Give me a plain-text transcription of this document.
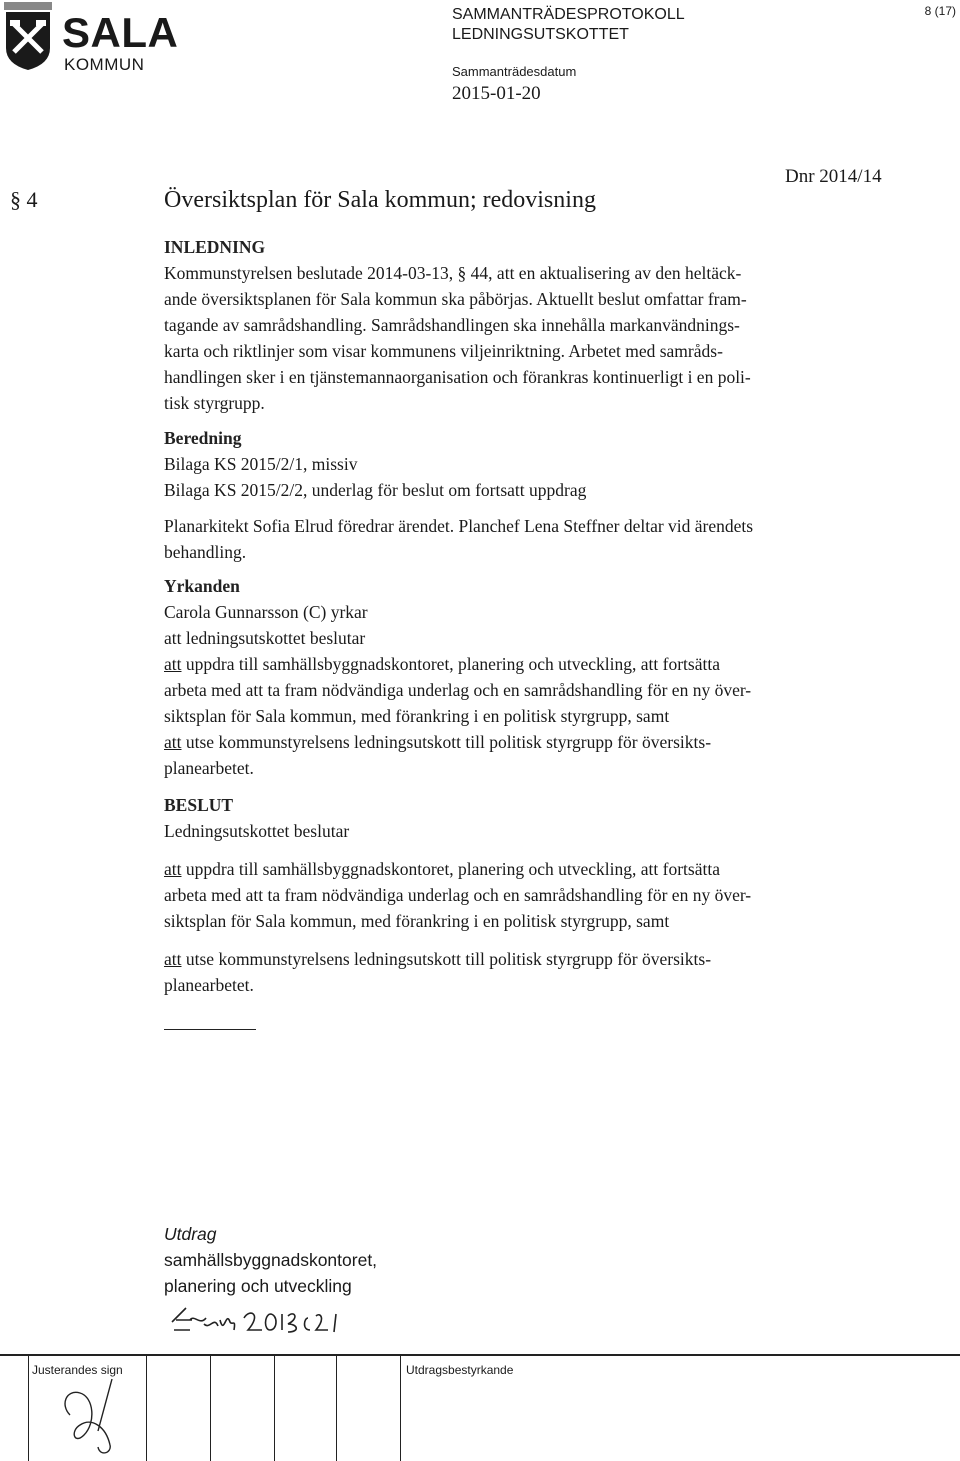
SALA
KOMMUN
SAMMANTRÄDESPROTOKOLL
LEDNINGSUTSKOTTET
Sammanträdesdatum
2015-01-20
8 (17)
Dnr 2014/14
§ 4	Översiktsplan för Sala kommun; redovisning

INLEDNING

Kommunstyrelsen beslutade 2014-03-13, § 44, att en aktualisering av den heltäck-

ande översiktsplanen för Sala kommun ska påbörjas. Aktuellt beslut omfattar fram-

tagande av samrådshandling. Samrådshandlingen ska innehålla markanvändnings-

karta och riktlinjer som visar kommunens viljeinriktning. Arbetet med samråds-

handlingen sker i en tjänstemannaorganisation och förankras kontinuerligt i en poli-

tisk styrgrupp.

Beredning

Bilaga KS 2015/2/1, missiv

Bilaga KS 2015/2/2, underlag för beslut om fortsatt uppdrag

Planarkitekt Sofia Elrud föredrar ärendet. Planchef Lena Steffner deltar vid ärendets

behandling.

Yrkanden

Carola Gunnarsson (C) yrkar

att ledningsutskottet beslutar

att uppdra till samhällsbyggnadskontoret, planering och utveckling, att fortsätta

arbeta med att ta fram nödvändiga underlag och en samrådshandling för en ny över-

siktsplan för Sala kommun, med förankring i en politisk styrgrupp, samt

att utse kommunstyrelsens ledningsutskott till politisk styrgrupp för översikts-

planearbetet.

BESLUT

Ledningsutskottet beslutar

att uppdra till samhällsbyggnadskontoret, planering och utveckling, att fortsätta

arbeta med att ta fram nödvändiga underlag och en samrådshandling för en ny över-

siktsplan för Sala kommun, med förankring i en politisk styrgrupp, samt

att utse kommunstyrelsens ledningsutskott till politisk styrgrupp för översikts-

planearbetet.

Utdrag
samhällsbyggnadskontoret,
planering och utveckling
Justerandes sign	Utdragsbestyrkande
